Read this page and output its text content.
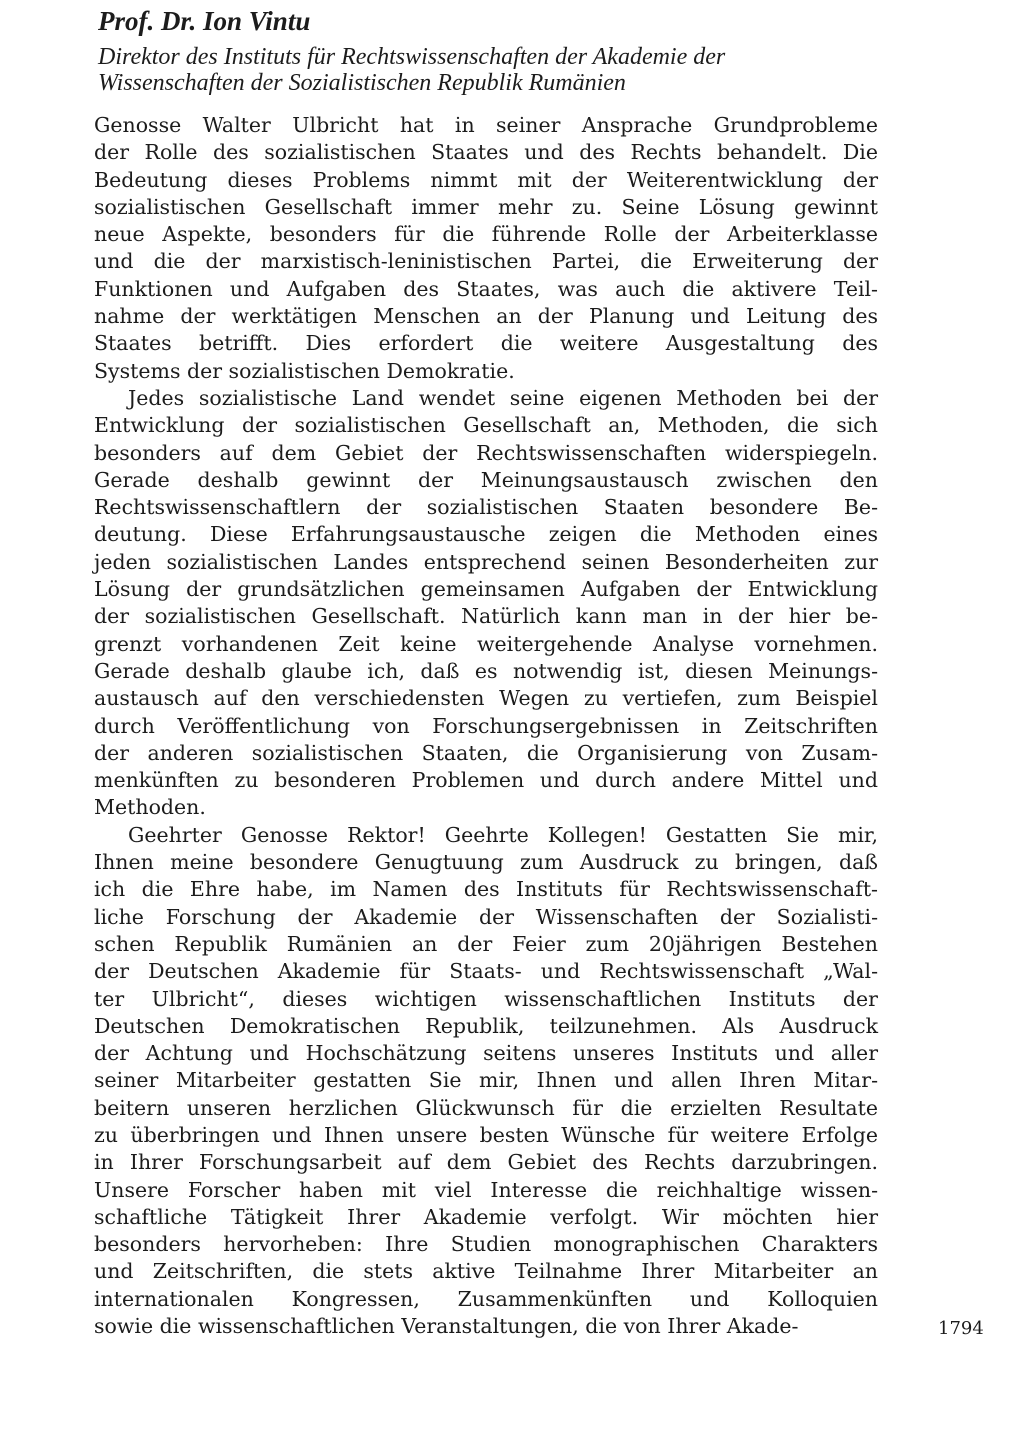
Prof. Dr. Ion Vintu

Direktor des Instituts für Rechtswissenschaften der Akademie der
Wissenschaften der Sozialistischen Republik Rumänien

Genosse Walter Ulbricht hat in seiner Ansprache Grundprobleme
der Rolle des sozialistischen Staates und des Rechts behandelt. Die
Bedeutung dieses Problems nimmt mit der Weiterentwicklung der
sozialistischen Gesellschaft immer mehr zu. Seine Lösung gewinnt
neue Aspekte, besonders für die führende Rolle der Arbeiterklasse
und die der marxistisch-leninistischen Partei, die Erweiterung der
Funktionen und Aufgaben des Staates, was auch die aktivere Teil-
nahme der werktätigen Menschen an der Planung und Leitung des
Staates betrifft. Dies erfordert die weitere Ausgestaltung des
Systems der sozialistischen Demokratie.
Jedes sozialistische Land wendet seine eigenen Methoden bei der
Entwicklung der sozialistischen Gesellschaft an, Methoden, die sich
besonders auf dem Gebiet der Rechtswissenschaften widerspiegeln.
Gerade deshalb gewinnt der Meinungsaustausch zwischen den
Rechtswissenschaftlern der sozialistischen Staaten besondere Be-
deutung. Diese Erfahrungsaustausche zeigen die Methoden eines
jeden sozialistischen Landes entsprechend seinen Besonderheiten zur
Lösung der grundsätzlichen gemeinsamen Aufgaben der Entwicklung
der sozialistischen Gesellschaft. Natürlich kann man in der hier be-
grenzt vorhandenen Zeit keine weitergehende Analyse vornehmen.
Gerade deshalb glaube ich, daß es notwendig ist, diesen Meinungs-
austausch auf den verschiedensten Wegen zu vertiefen, zum Beispiel
durch Veröffentlichung von Forschungsergebnissen in Zeitschriften
der anderen sozialistischen Staaten, die Organisierung von Zusam-
menkünften zu besonderen Problemen und durch andere Mittel und
Methoden.
Geehrter Genosse Rektor! Geehrte Kollegen! Gestatten Sie mir,
Ihnen meine besondere Genugtuung zum Ausdruck zu bringen, daß
ich die Ehre habe, im Namen des Instituts für Rechtswissenschaft-
liche Forschung der Akademie der Wissenschaften der Sozialisti-
schen Republik Rumänien an der Feier zum 20jährigen Bestehen
der Deutschen Akademie für Staats- und Rechtswissenschaft „Wal-
ter Ulbricht“, dieses wichtigen wissenschaftlichen Instituts der
Deutschen Demokratischen Republik, teilzunehmen. Als Ausdruck
der Achtung und Hochschätzung seitens unseres Instituts und aller
seiner Mitarbeiter gestatten Sie mir, Ihnen und allen Ihren Mitar-
beitern unseren herzlichen Glückwunsch für die erzielten Resultate
zu überbringen und Ihnen unsere besten Wünsche für weitere Erfolge
in Ihrer Forschungsarbeit auf dem Gebiet des Rechts darzubringen.
Unsere Forscher haben mit viel Interesse die reichhaltige wissen-
schaftliche Tätigkeit Ihrer Akademie verfolgt. Wir möchten hier
besonders hervorheben: Ihre Studien monographischen Charakters
und Zeitschriften, die stets aktive Teilnahme Ihrer Mitarbeiter an
internationalen Kongressen, Zusammenkünften und Kolloquien
sowie die wissenschaftlichen Veranstaltungen, die von Ihrer Akade-	1794
